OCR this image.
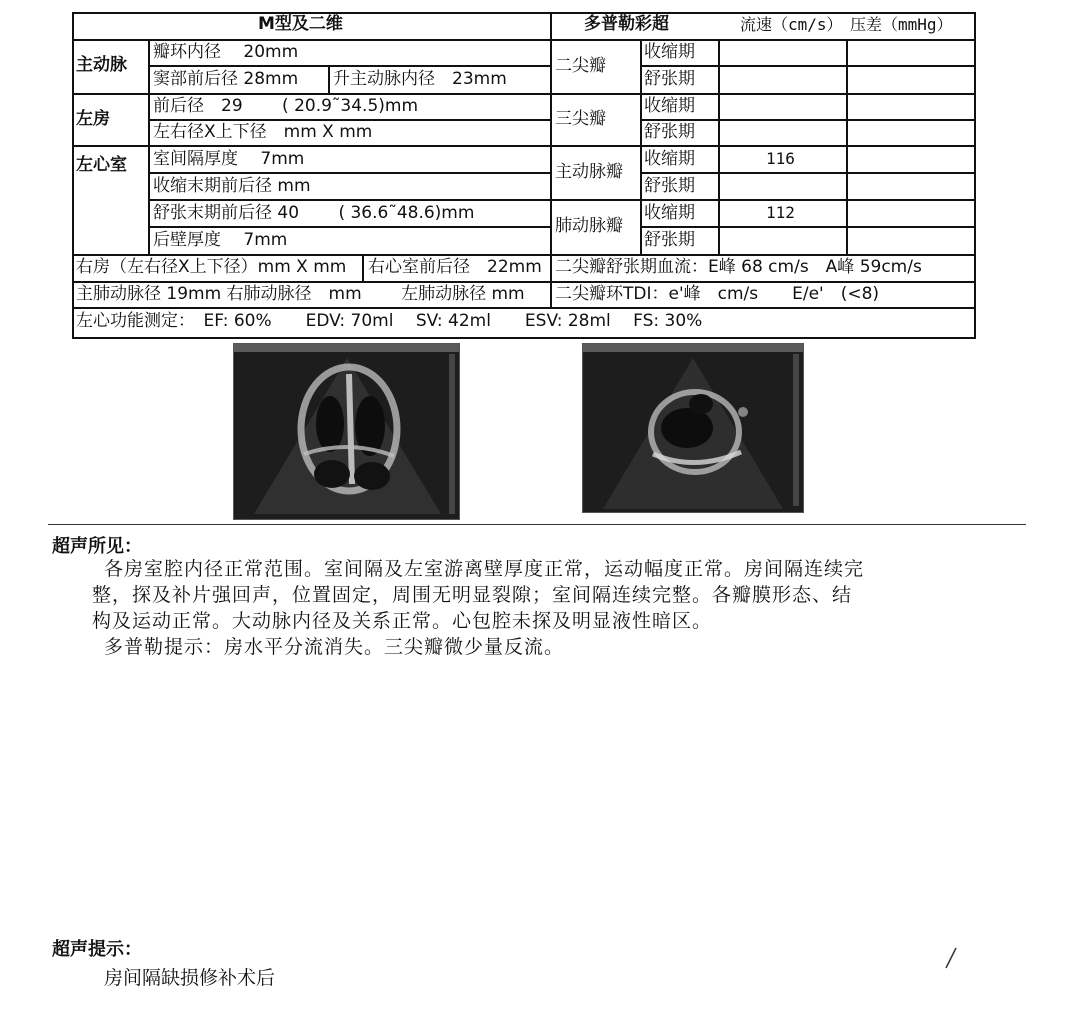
M型及二维	多普勒彩超	流速（cm/s） 压差（mmHg）
主动脉
瓣环内径　 20mm
窦部前后径 28mm 升主动脉内径　23mm
左房
前后径　29　　 ( 20.9˜34.5)mm
左右径X上下径　mm X mm
左心室 室间隔厚度　 7mm
收缩末期前后径 mm
舒张末期前后径 40　　 ( 36.6˜48.6)mm
后壁厚度　 7mm
右房（左右径X上下径）mm X mm 右心室前后径　22mm
主肺动脉径 19mm 右肺动脉径　mm　　 左肺动脉径 mm
左心功能测定：　EF: 60%　　EDV: 70ml　 SV: 42ml　　ESV: 28ml　 FS: 30%
二尖瓣
收缩期
舒张期
三尖瓣
收缩期
舒张期
主动脉瓣
收缩期
舒张期
116
肺动脉瓣
收缩期
舒张期
112
二尖瓣舒张期血流：E峰 68 cm/s　A峰 59cm/s
二尖瓣环TDI：e'峰　cm/s　　E/e'　(<8)
超声所见：
各房室腔内径正常范围。室间隔及左室游离壁厚度正常，运动幅度正常。房间隔连续完
整，探及补片强回声，位置固定，周围无明显裂隙；室间隔连续完整。各瓣膜形态、结
构及运动正常。大动脉内径及关系正常。心包腔未探及明显液性暗区。
多普勒提示：房水平分流消失。三尖瓣微少量反流。
超声提示：
房间隔缺损修补术后
